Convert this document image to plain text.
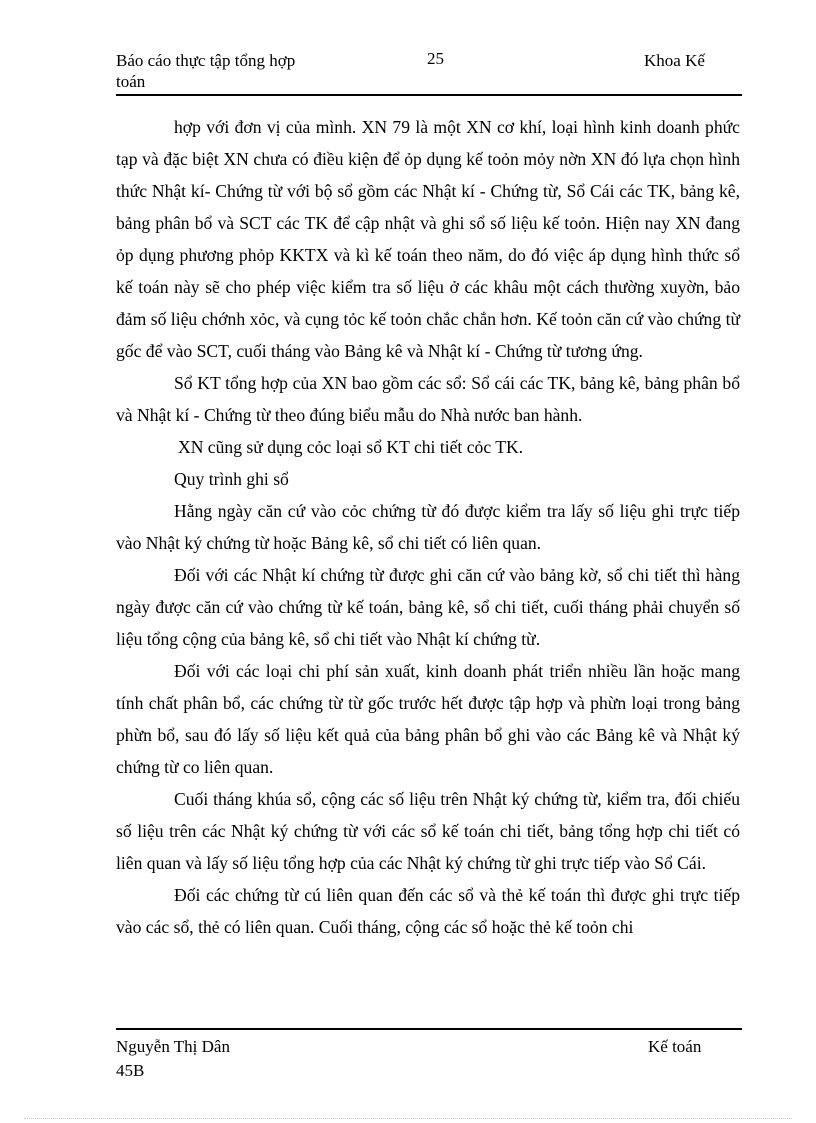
Báo cáo thực tập tổng hợp
toán
25	Khoa Kế

hợp với đơn vị của mình. XN 79 là một XN cơ khí, loại hình kinh doanh phức tạp và đặc biệt XN chưa có điều kiện để ỏp dụng kế toỏn mỏy nờn XN đó lựa chọn hình thức Nhật kí- Chứng từ với bộ sổ gồm các Nhật kí - Chứng từ, Sổ Cái các TK, bảng kê, bảng phân bổ và SCT các TK để cập nhật và ghi sổ số liệu kế toỏn. Hiện nay XN đang ỏp dụng phương phỏp KKTX và kì kế toán theo năm, do đó việc áp dụng hình thức sổ kế toán này sẽ cho phép việc kiểm tra số liệu ở các khâu một cách thường xuyờn, bảo đảm số liệu chớnh xỏc, và cụng tỏc kế toỏn chắc chắn hơn. Kế toỏn căn cứ vào chứng từ gốc để vào SCT, cuối tháng vào Bảng kê và Nhật kí - Chứng từ tương ứng.

Sổ KT tổng hợp của XN bao gồm các sổ: Sổ cái các TK, bảng kê, bảng phân bổ và Nhật kí - Chứng từ theo đúng biểu mẫu do Nhà nước ban hành.

XN cũng sử dụng cỏc loại sổ KT chi tiết cỏc TK.

Quy trình ghi sổ

Hằng ngày căn cứ vào cỏc chứng từ đó được kiểm tra lấy số liệu ghi trực tiếp vào Nhật ký chứng từ hoặc Bảng kê, sổ chi tiết có liên quan.

Đối với các Nhật kí chứng từ được ghi căn cứ vào bảng kờ, sổ chi tiết thì hàng ngày được căn cứ vào chứng từ kế toán, bảng kê, sổ chi tiết, cuối tháng phải chuyển số liệu tổng cộng của bảng kê, sổ chi tiết vào Nhật kí chứng từ.

Đối với các loại chi phí sản xuất, kinh doanh phát triển nhiều lần hoặc mang tính chất phân bổ, các chứng từ từ gốc trước hết được tập hợp và phừn loại trong bảng phừn bổ, sau đó lấy số liệu kết quả của bảng phân bổ ghi vào các Bảng kê và Nhật ký chứng từ co liên quan.

Cuối tháng khúa sổ, cộng các số liệu trên Nhật ký chứng từ, kiểm tra, đối chiếu số liệu trên các Nhật ký chứng từ với các sổ kế toán chi tiết, bảng tổng hợp chi tiết có liên quan và lấy số liệu tổng hợp của các Nhật ký chứng từ ghi trực tiếp vào Sổ Cái.

Đối các chứng từ cú liên quan đến các sổ và thẻ kế toán thì được ghi trực tiếp vào các sổ, thẻ có liên quan. Cuối tháng, cộng các sổ hoặc thẻ kế toỏn chi

Nguyễn Thị Dân
45B
Kế toán
